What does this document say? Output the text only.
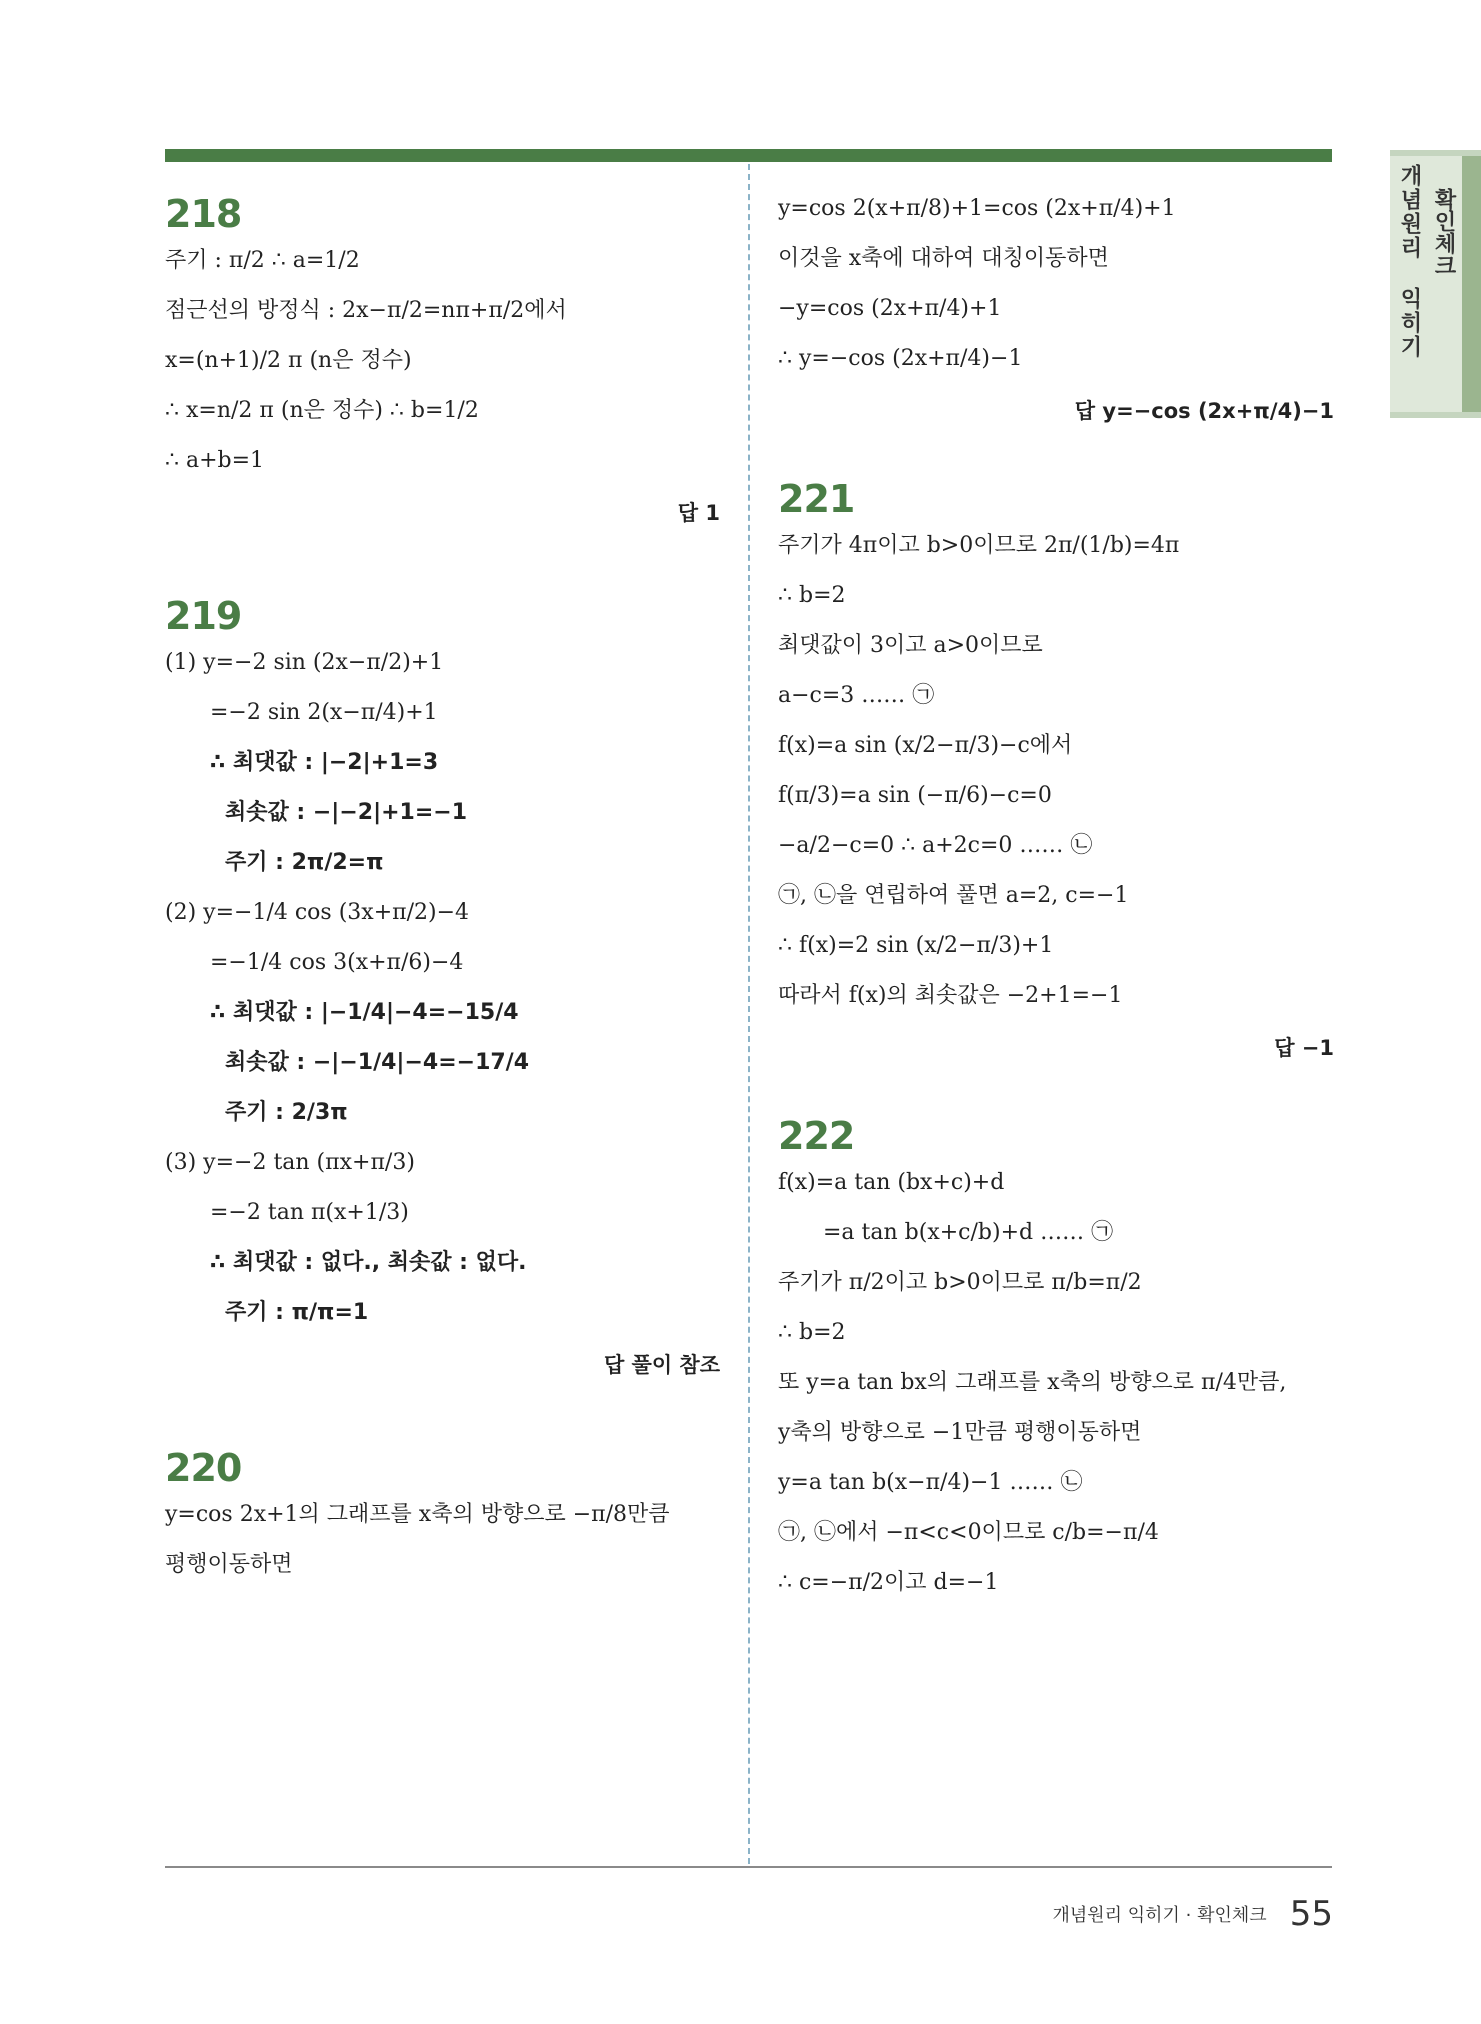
확인체크
개념원리 익히기
218
주기 : π/2 ∴ a=1/2
점근선의 방정식 : 2x−π/2=nπ+π/2에서
x=(n+1)/2 π (n은 정수)
∴ x=n/2 π (n은 정수) ∴ b=1/2
∴ a+b=1
답 1
219
(1) y=−2 sin (2x−π/2)+1
=−2 sin 2(x−π/4)+1
∴ 최댓값 : |−2|+1=3
최솟값 : −|−2|+1=−1
주기 : 2π/2=π
(2) y=−1/4 cos (3x+π/2)−4
=−1/4 cos 3(x+π/6)−4
∴ 최댓값 : |−1/4|−4=−15/4
최솟값 : −|−1/4|−4=−17/4
주기 : 2/3π
(3) y=−2 tan (πx+π/3)
=−2 tan π(x+1/3)
∴ 최댓값 : 없다., 최솟값 : 없다.
주기 : π/π=1
답 풀이 참조
220
y=cos 2x+1의 그래프를 x축의 방향으로 −π/8만큼
평행이동하면
y=cos 2(x+π/8)+1=cos (2x+π/4)+1
이것을 x축에 대하여 대칭이동하면
−y=cos (2x+π/4)+1
∴ y=−cos (2x+π/4)−1
답 y=−cos (2x+π/4)−1
221
주기가 4π이고 b>0이므로 2π/(1/b)=4π
∴ b=2
최댓값이 3이고 a>0이므로
a−c=3 …… ㉠
f(x)=a sin (x/2−π/3)−c에서
f(π/3)=a sin (−π/6)−c=0
−a/2−c=0 ∴ a+2c=0 …… ㉡
㉠, ㉡을 연립하여 풀면 a=2, c=−1
∴ f(x)=2 sin (x/2−π/3)+1
따라서 f(x)의 최솟값은 −2+1=−1
답 −1
222
f(x)=a tan (bx+c)+d
=a tan b(x+c/b)+d …… ㉠
주기가 π/2이고 b>0이므로 π/b=π/2
∴ b=2
또 y=a tan bx의 그래프를 x축의 방향으로 π/4만큼,
y축의 방향으로 −1만큼 평행이동하면
y=a tan b(x−π/4)−1 …… ㉡
㉠, ㉡에서 −π<c<0이므로 c/b=−π/4
∴ c=−π/2이고 d=−1
개념원리 익히기 · 확인체크 55
